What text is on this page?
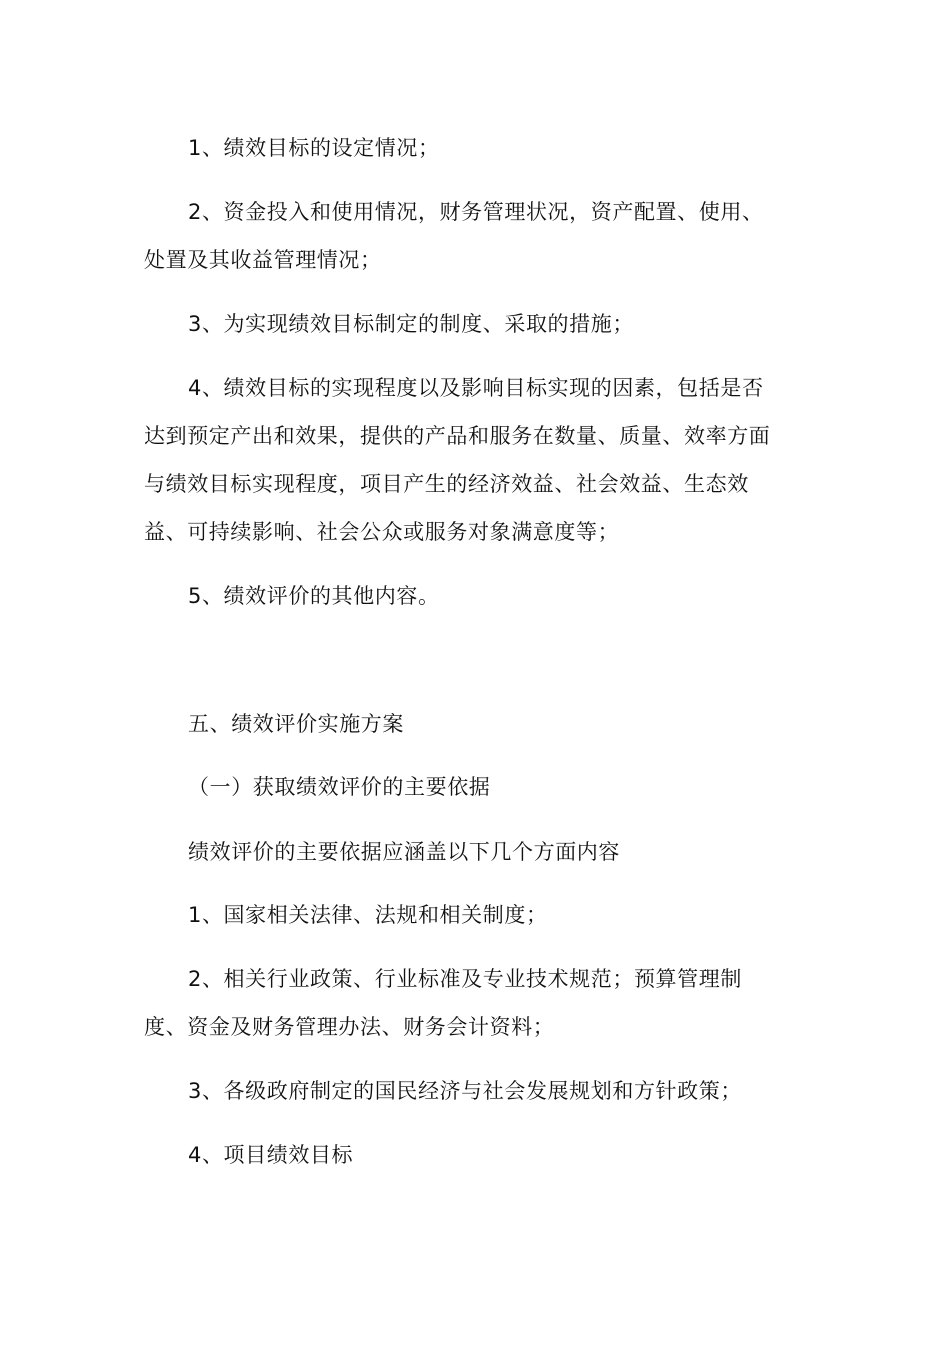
1、绩效目标的设定情况；

2、资金投入和使用情况，财务管理状况，资产配置、使用、处置及其收益管理情况；

3、为实现绩效目标制定的制度、采取的措施；

4、绩效目标的实现程度以及影响目标实现的因素，包括是否达到预定产出和效果，提供的产品和服务在数量、质量、效率方面与绩效目标实现程度，项目产生的经济效益、社会效益、生态效益、可持续影响、社会公众或服务对象满意度等；

5、绩效评价的其他内容。

五、绩效评价实施方案

（一）获取绩效评价的主要依据

绩效评价的主要依据应涵盖以下几个方面内容

1、国家相关法律、法规和相关制度；

2、相关行业政策、行业标准及专业技术规范；预算管理制度、资金及财务管理办法、财务会计资料；

3、各级政府制定的国民经济与社会发展规划和方针政策；

4、项目绩效目标
